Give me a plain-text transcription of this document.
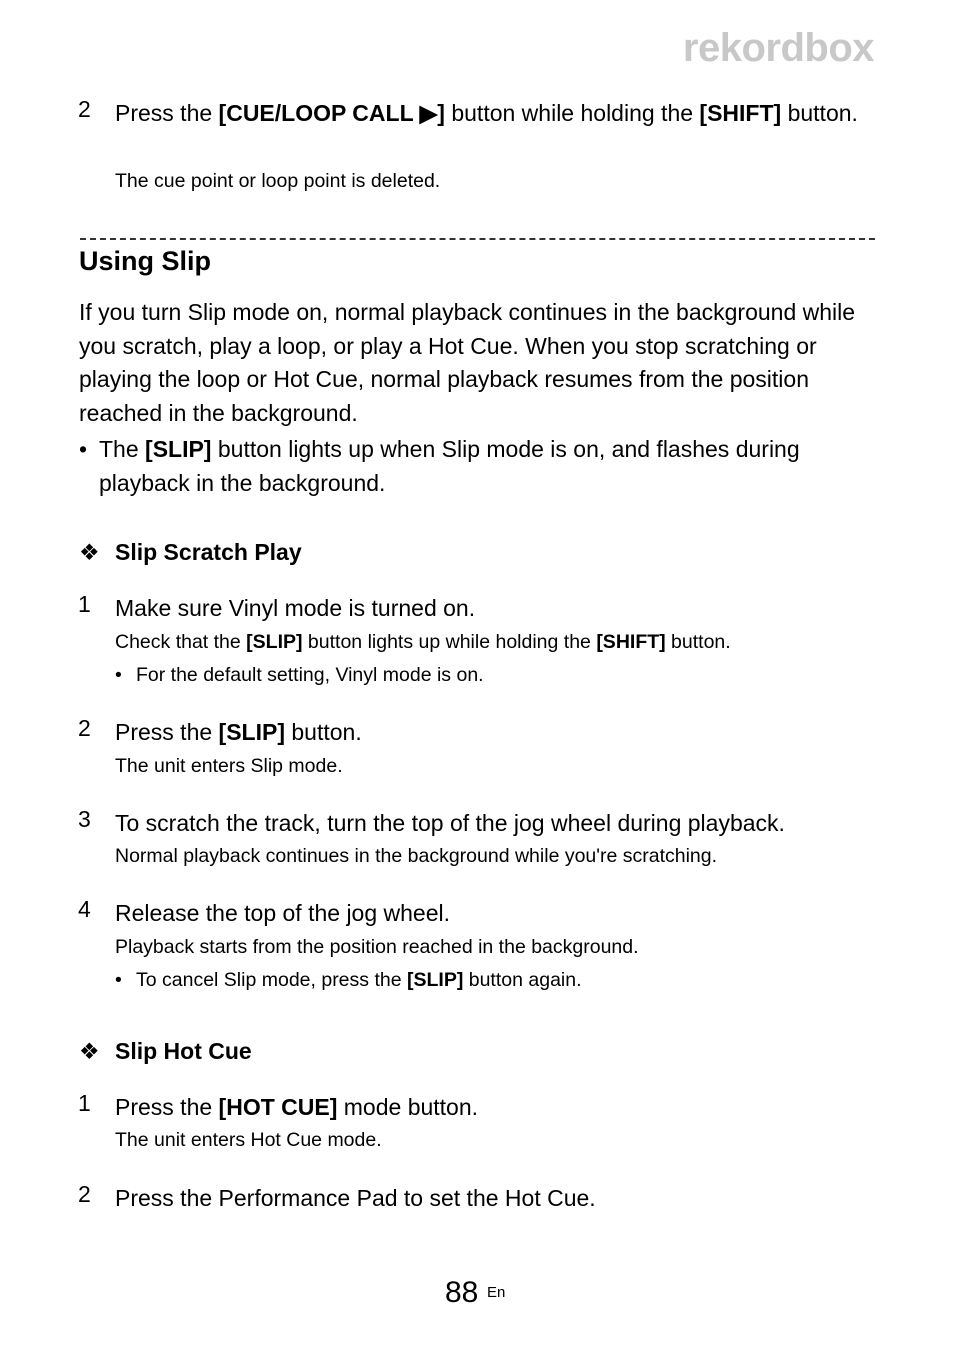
rekordbox
2 Press the [CUE/LOOP CALL ▶] button while holding the [SHIFT] button.
The cue point or loop point is deleted.
Using Slip
If you turn Slip mode on, normal playback continues in the background while you scratch, play a loop, or play a Hot Cue. When you stop scratching or playing the loop or Hot Cue, normal playback resumes from the position reached in the background.
• The [SLIP] button lights up when Slip mode is on, and flashes during playback in the background.
❖ Slip Scratch Play
1 Make sure Vinyl mode is turned on.
Check that the [SLIP] button lights up while holding the [SHIFT] button.
• For the default setting, Vinyl mode is on.
2 Press the [SLIP] button.
The unit enters Slip mode.
3 To scratch the track, turn the top of the jog wheel during playback.
Normal playback continues in the background while you're scratching.
4 Release the top of the jog wheel.
Playback starts from the position reached in the background.
• To cancel Slip mode, press the [SLIP] button again.
❖ Slip Hot Cue
1 Press the [HOT CUE] mode button.
The unit enters Hot Cue mode.
2 Press the Performance Pad to set the Hot Cue.
88 En
